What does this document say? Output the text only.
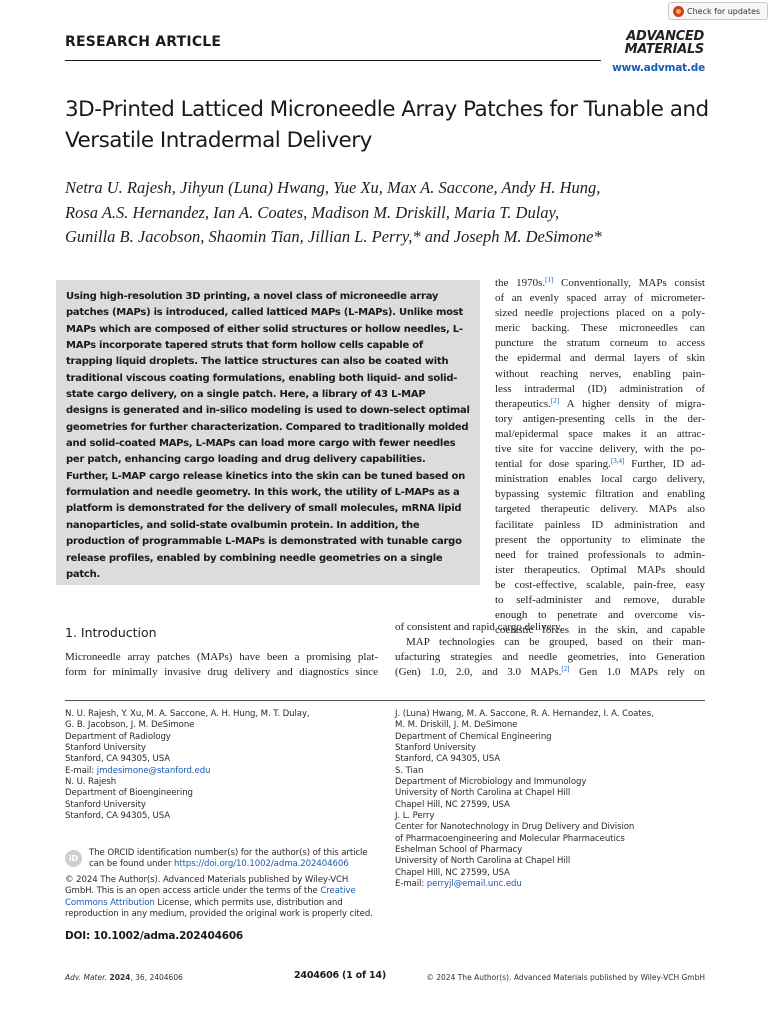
Check for updates
RESEARCH ARTICLE	ADVANCED
MATERIALS
www.advmat.de
3D-Printed Latticed Microneedle Array Patches for Tunable and Versatile Intradermal Delivery
Netra U. Rajesh, Jihyun (Luna) Hwang, Yue Xu, Max A. Saccone, Andy H. Hung,
Rosa A.S. Hernandez, Ian A. Coates, Madison M. Driskill, Maria T. Dulay,
Gunilla B. Jacobson, Shaomin Tian, Jillian L. Perry,* and Joseph M. DeSimone*

Using high-resolution 3D printing, a novel class of microneedle array patches (MAPs) is introduced, called latticed MAPs (L-MAPs). Unlike most MAPs which are composed of either solid structures or hollow needles, L-MAPs incorporate tapered struts that form hollow cells capable of trapping liquid droplets. The lattice structures can also be coated with traditional viscous coating formulations, enabling both liquid- and solid-state cargo delivery, on a single patch. Here, a library of 43 L-MAP designs is generated and in-silico modeling is used to down-select optimal geometries for further characterization. Compared to traditionally molded and solid-coated MAPs, L-MAPs can load more cargo with fewer needles per patch, enhancing cargo loading and drug delivery capabilities. Further, L-MAP cargo release kinetics into the skin can be tuned based on formulation and needle geometry. In this work, the utility of L-MAPs as a platform is demonstrated for the delivery of small molecules, mRNA lipid nanoparticles, and solid-state ovalbumin protein. In addition, the production of programmable L-MAPs is demonstrated with tunable cargo release profiles, enabled by combining needle geometries on a single patch.

the 1970s.[1] Conventionally, MAPs consist
of an evenly spaced array of micrometer-
sized needle projections placed on a poly-
meric backing. These microneedles can
puncture the stratum corneum to access
the epidermal and dermal layers of skin
without reaching nerves, enabling pain-
less intradermal (ID) administration of
therapeutics.[2] A higher density of migra-
tory antigen-presenting cells in the der-
mal/epidermal space makes it an attrac-
tive site for vaccine delivery, with the po-
tential for dose sparing.[3,4] Further, ID ad-
ministration enables local cargo delivery,
bypassing systemic filtration and enabling
targeted therapeutic delivery. MAPs also
facilitate painless ID administration and
present the opportunity to eliminate the
need for trained professionals to admin-
ister therapeutics. Optimal MAPs should
be cost-effective, scalable, pain-free, easy
to self-administer and remove, durable
enough to penetrate and overcome vis-
coelastic forces in the skin, and capable
of consistent and rapid cargo delivery.
MAP technologies can be grouped, based on their man-
ufacturing strategies and needle geometries, into Generation
(Gen) 1.0, 2.0, and 3.0 MAPs.[2] Gen 1.0 MAPs rely on
1. Introduction
Microneedle array patches (MAPs) have been a promising plat-
form for minimally invasive drug delivery and diagnostics since
N. U. Rajesh, Y. Xu, M. A. Saccone, A. H. Hung, M. T. Dulay,
G. B. Jacobson, J. M. DeSimone
Department of Radiology
Stanford University
Stanford, CA 94305, USA
E-mail: jmdesimone@stanford.edu
N. U. Rajesh
Department of Bioengineering
Stanford University
Stanford, CA 94305, USA
J. (Luna) Hwang, M. A. Saccone, R. A. Hernandez, I. A. Coates,
M. M. Driskill, J. M. DeSimone
Department of Chemical Engineering
Stanford University
Stanford, CA 94305, USA
S. Tian
Department of Microbiology and Immunology
University of North Carolina at Chapel Hill
Chapel Hill, NC 27599, USA
J. L. Perry
Center for Nanotechnology in Drug Delivery and Division
of Pharmacoengineering and Molecular Pharmaceutics
Eshelman School of Pharmacy
University of North Carolina at Chapel Hill
Chapel Hill, NC 27599, USA
E-mail: perryjl@email.unc.edu
iD
The ORCID identification number(s) for the author(s) of this article
can be found under https://doi.org/10.1002/adma.202404606
© 2024 The Author(s). Advanced Materials published by Wiley-VCH
GmbH. This is an open access article under the terms of the Creative
Commons Attribution License, which permits use, distribution and
reproduction in any medium, provided the original work is properly cited.
DOI: 10.1002/adma.202404606
Adv. Mater. 2024, 36, 2404606	2404606 (1 of 14)	© 2024 The Author(s). Advanced Materials published by Wiley-VCH GmbH
